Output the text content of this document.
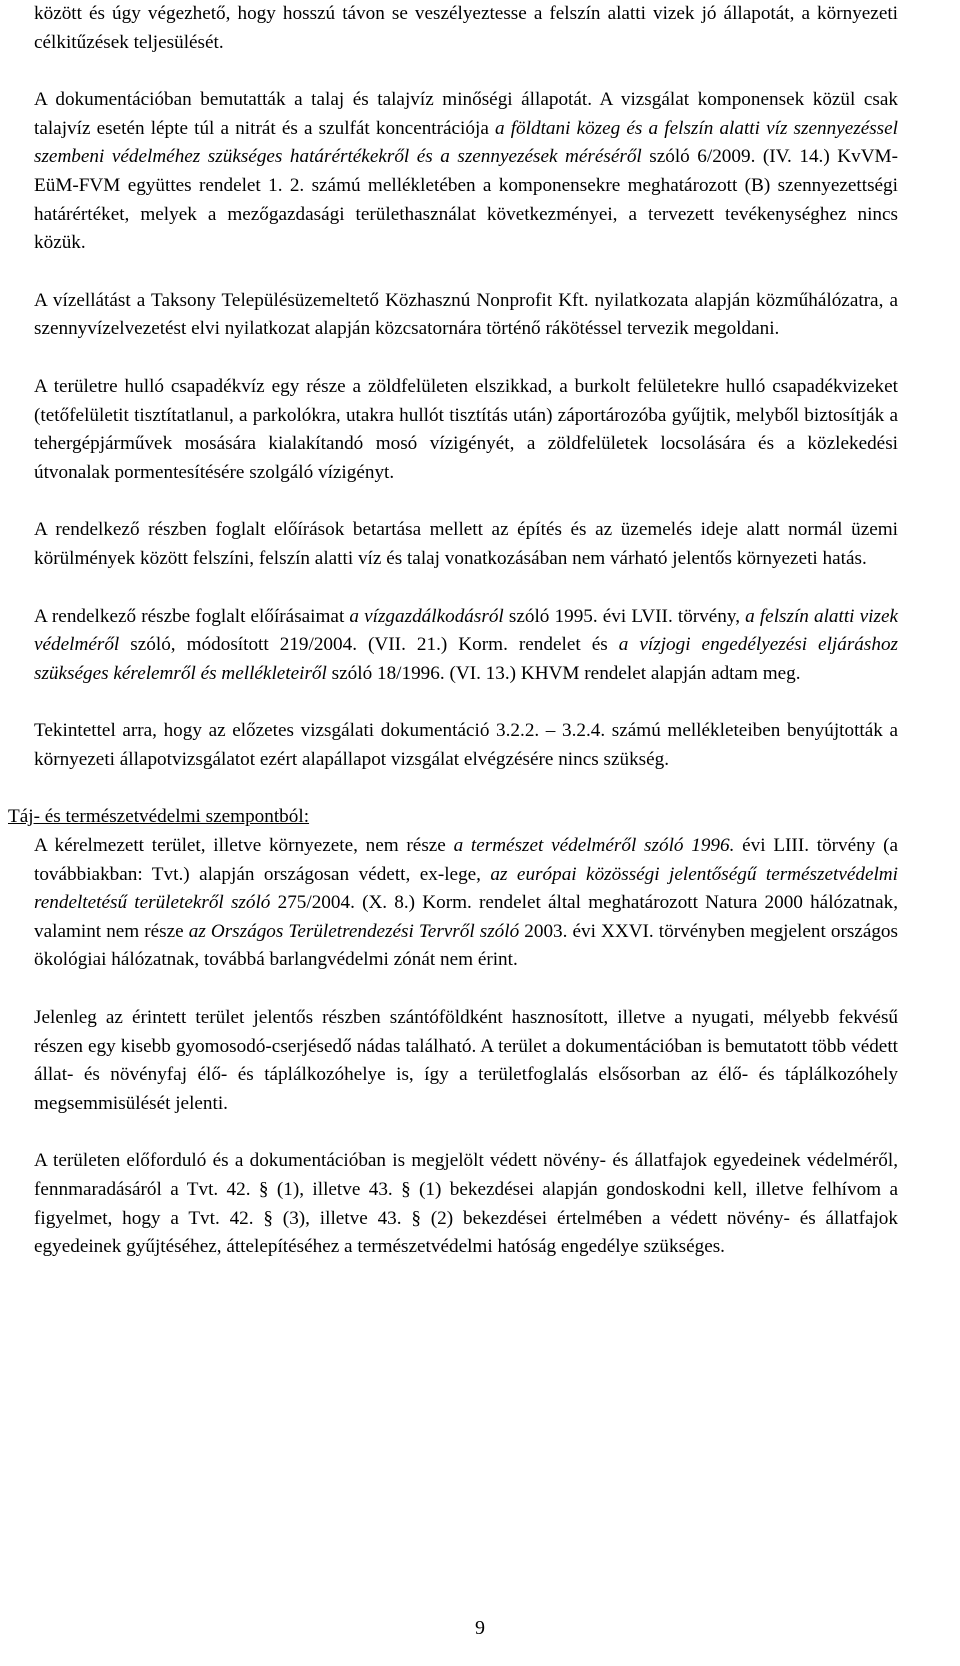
között és úgy végezhető, hogy hosszú távon se veszélyeztesse a felszín alatti vizek jó állapotát, a környezeti célkitűzések teljesülését.

A dokumentációban bemutatták a talaj és talajvíz minőségi állapotát. A vizsgálat komponensek közül csak talajvíz esetén lépte túl a nitrát és a szulfát koncentrációja a földtani közeg és a felszín alatti víz szennyezéssel szembeni védelméhez szükséges határértékekről és a szennyezések méréséről szóló 6/2009. (IV. 14.) KvVM-EüM-FVM együttes rendelet 1. 2. számú mellékletében a komponensekre meghatározott (B) szennyezettségi határértéket, melyek a mezőgazdasági területhasználat következményei, a tervezett tevékenységhez nincs közük.

A vízellátást a Taksony Településüzemeltető Közhasznú Nonprofit Kft. nyilatkozata alapján közműhálózatra, a szennyvízelvezetést elvi nyilatkozat alapján közcsatornára történő rákötéssel tervezik megoldani.

A területre hulló csapadékvíz egy része a zöldfelületen elszikkad, a burkolt felületekre hulló csapadékvizeket (tetőfelületit tisztítatlanul, a parkolókra, utakra hullót tisztítás után) záportározóba gyűjtik, melyből biztosítják a tehergépjárművek mosására kialakítandó mosó vízigényét, a zöldfelületek locsolására és a közlekedési útvonalak pormentesítésére szolgáló vízigényt.

A rendelkező részben foglalt előírások betartása mellett az építés és az üzemelés ideje alatt normál üzemi körülmények között felszíni, felszín alatti víz és talaj vonatkozásában nem várható jelentős környezeti hatás.

A rendelkező részbe foglalt előírásaimat a vízgazdálkodásról szóló 1995. évi LVII. törvény, a felszín alatti vizek védelméről szóló, módosított 219/2004. (VII. 21.) Korm. rendelet és a vízjogi engedélyezési eljáráshoz szükséges kérelemről és mellékleteiről szóló 18/1996. (VI. 13.) KHVM rendelet alapján adtam meg.

Tekintettel arra, hogy az előzetes vizsgálati dokumentáció 3.2.2. – 3.2.4. számú mellékleteiben benyújtották a környezeti állapotvizsgálatot ezért alapállapot vizsgálat elvégzésére nincs szükség.

Táj- és természetvédelmi szempontból:

A kérelmezett terület, illetve környezete, nem része a természet védelméről szóló 1996. évi LIII. törvény (a továbbiakban: Tvt.) alapján országosan védett, ex-lege, az európai közösségi jelentőségű természetvédelmi rendeltetésű területekről szóló 275/2004. (X. 8.) Korm. rendelet által meghatározott Natura 2000 hálózatnak, valamint nem része az Országos Területrendezési Tervről szóló 2003. évi XXVI. törvényben megjelent országos ökológiai hálózatnak, továbbá barlangvédelmi zónát nem érint.

Jelenleg az érintett terület jelentős részben szántóföldként hasznosított, illetve a nyugati, mélyebb fekvésű részen egy kisebb gyomosodó-cserjésedő nádas található. A terület a dokumentációban is bemutatott több védett állat- és növényfaj élő- és táplálkozóhelye is, így a területfoglalás elsősorban az élő- és táplálkozóhely megsemmisülését jelenti.

A területen előforduló és a dokumentációban is megjelölt védett növény- és állatfajok egyedeinek védelméről, fennmaradásáról a Tvt. 42. § (1), illetve 43. § (1) bekezdései alapján gondoskodni kell, illetve felhívom a figyelmet, hogy a Tvt. 42. § (3), illetve 43. § (2) bekezdései értelmében a védett növény- és állatfajok egyedeinek gyűjtéséhez, áttelepítéséhez a természetvédelmi hatóság engedélye szükséges.

9
